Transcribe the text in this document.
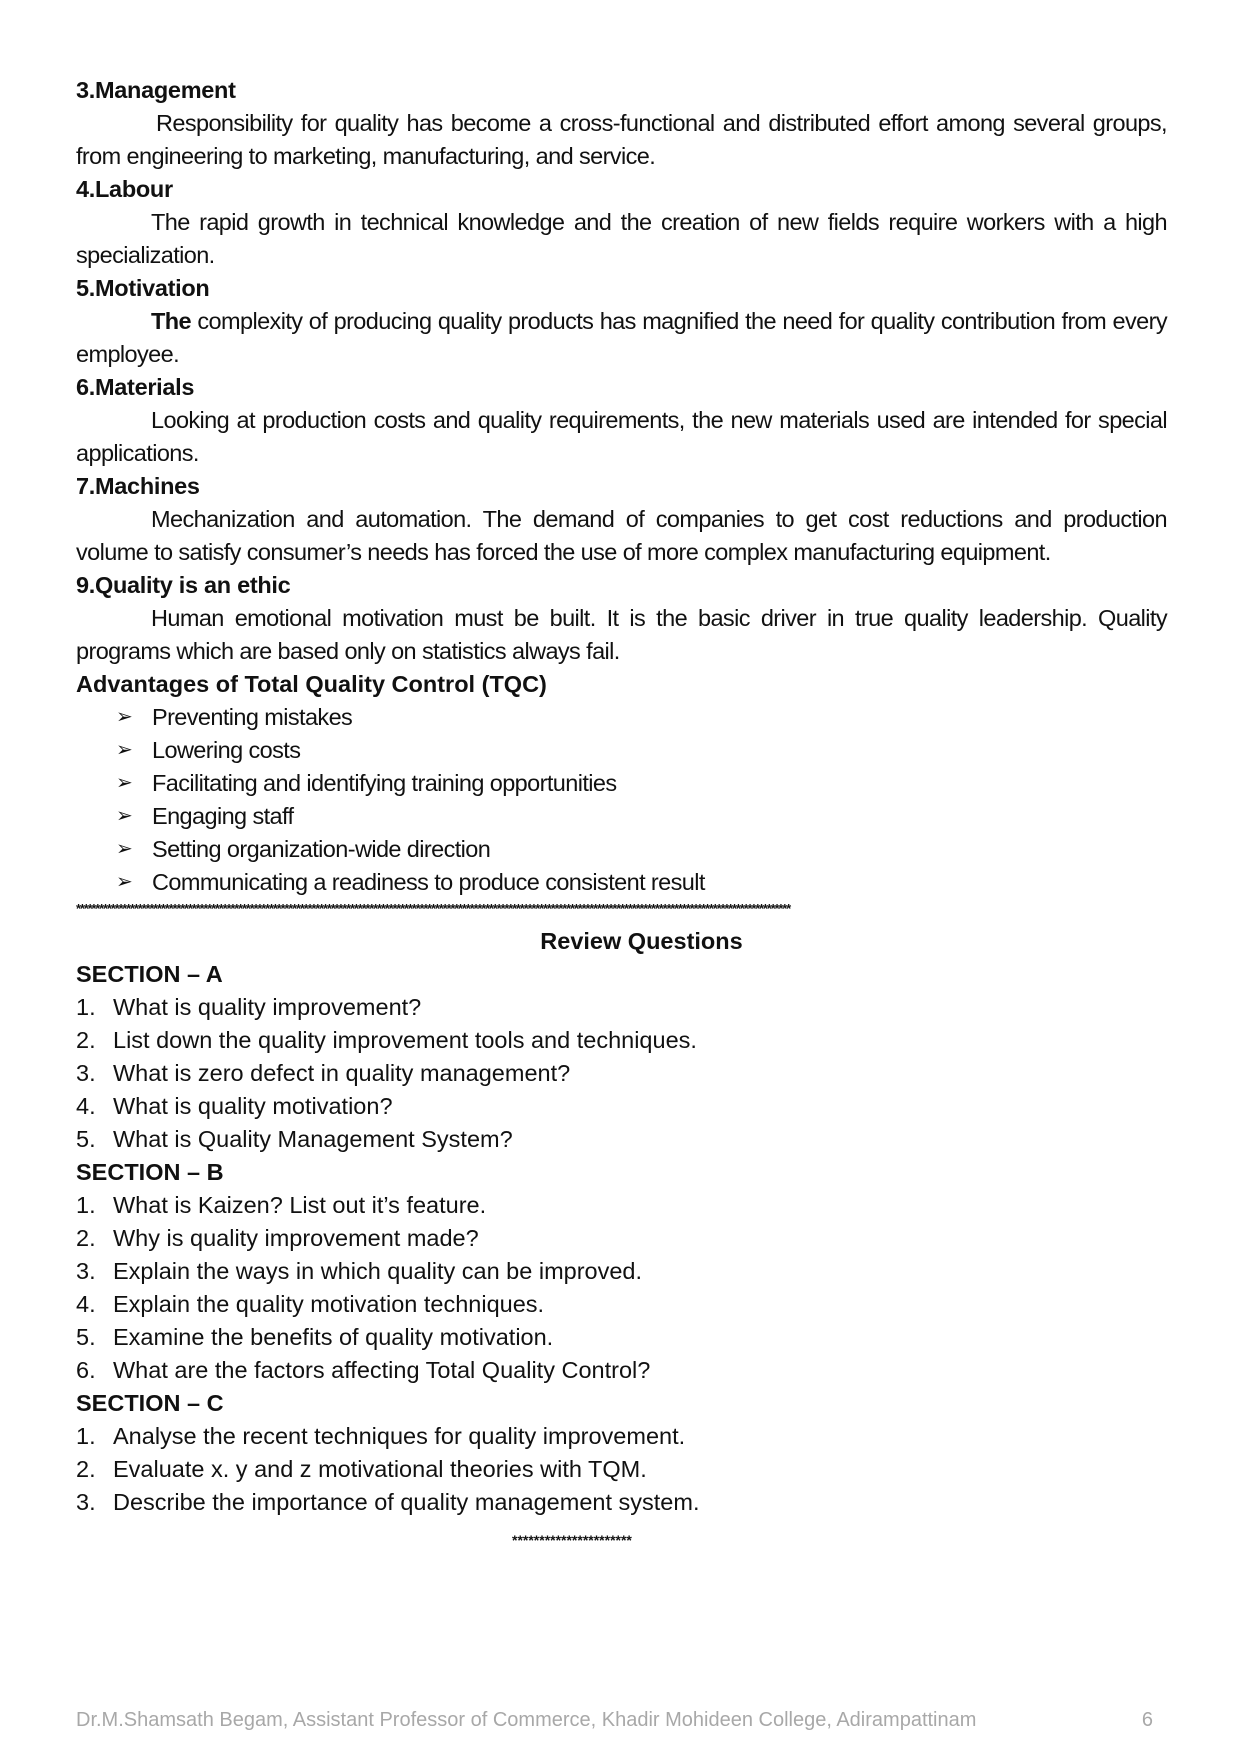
3.Management
Responsibility for quality has become a cross-functional and distributed effort among several groups, from engineering to marketing, manufacturing, and service.
4.Labour
The rapid growth in technical knowledge and the creation of new fields require workers with a high specialization.
5.Motivation
The complexity of producing quality products has magnified the need for quality contribution from every employee.
6.Materials
Looking at production costs and quality requirements, the new materials used are intended for special applications.
7.Machines
Mechanization and automation. The demand of companies to get cost reductions and production volume to satisfy consumer’s needs has forced the use of more complex manufacturing equipment.
9.Quality is an ethic
Human emotional motivation must be built. It is the basic driver in true quality leadership. Quality programs which are based only on statistics always fail.
Advantages of Total Quality Control (TQC)
➢ Preventing mistakes
➢ Lowering costs
➢ Facilitating and identifying training opportunities
➢ Engaging staff
➢ Setting organization-wide direction
➢ Communicating a readiness to produce consistent result
*****************************************************************************************************************************************************************************************
Review Questions
SECTION – A
1. What is quality improvement?
2. List down the quality improvement tools and techniques.
3. What is zero defect in quality management?
4. What is quality motivation?
5. What is Quality Management System?
SECTION – B
1. What is Kaizen? List out it’s feature.
2. Why is quality improvement made?
3. Explain the ways in which quality can be improved.
4. Explain the quality motivation techniques.
5. Examine the benefits of quality motivation.
6. What are the factors affecting Total Quality Control?
SECTION – C
1. Analyse the recent techniques for quality improvement.
2. Evaluate x. y and z motivational theories with TQM.
3. Describe the importance of quality management system.
**********************
Dr.M.Shamsath Begam, Assistant Professor of Commerce, Khadir Mohideen College, Adirampattinam	6
